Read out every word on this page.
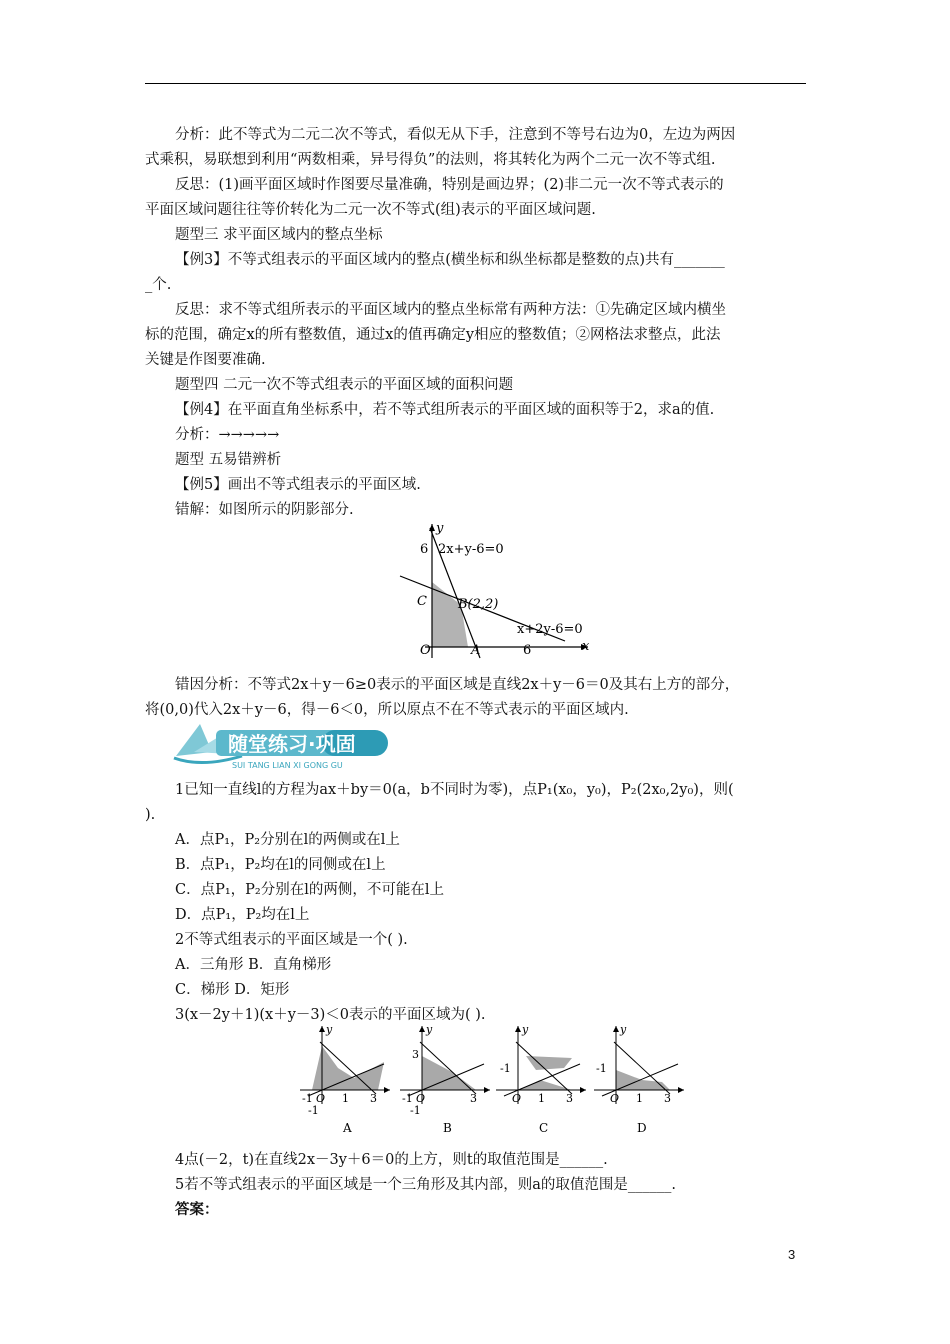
分析：此不等式为二元二次不等式，看似无从下手，注意到不等号右边为0，左边为两因
式乘积，易联想到利用“两数相乘，异号得负”的法则，将其转化为两个二元一次不等式组.
反思：(1)画平面区域时作图要尽量准确，特别是画边界；(2)非二元一次不等式表示的
平面区域问题往往等价转化为二元一次不等式(组)表示的平面区域问题.
题型三 求平面区域内的整点坐标
【例3】不等式组表示的平面区域内的整点(横坐标和纵坐标都是整数的点)共有_______
_个.
反思：求不等式组所表示的平面区域内的整点坐标常有两种方法：①先确定区域内横坐
标的范围，确定x的所有整数值，通过x的值再确定y相应的整数值；②网格法求整点，此法
关键是作图要准确.
题型四 二元一次不等式组表示的平面区域的面积问题
【例4】在平面直角坐标系中，若不等式组所表示的平面区域的面积等于2，求a的值.
分析：→→→→→
题型 五易错辨析
【例5】画出不等式组表示的平面区域.
错解：如图所示的阴影部分.
y
x
6 2x+y-6=0
C B(2,2)
x+2y-6=0
O	A	6
错因分析：不等式2x＋y－6≥0表示的平面区域是直线2x＋y－6＝0及其右上方的部分，
将(0,0)代入2x＋y－6，得－6＜0，所以原点不在不等式表示的平面区域内.
随堂练习·巩固
SUI TANG LIAN XI GONG GU
1已知一直线l的方程为ax＋by＝0(a，b不同时为零)，点P₁(x₀，y₀)，P₂(2x₀,2y₀)，则(
).
A．点P₁，P₂分别在l的两侧或在l上
B．点P₁，P₂均在l的同侧或在l上
C．点P₁，P₂分别在l的两侧，不可能在l上
D．点P₁，P₂均在l上
2不等式组表示的平面区域是一个( ).
A．三角形 B．直角梯形
C．梯形 D．矩形
3(x－2y＋1)(x＋y－3)＜0表示的平面区域为( ).
y
-1 O 1 3
-1
A
y
3
-1 O	3
-1
B
y
-1
O 1 3
C
y
-1
O 1 3
D
4点(－2，t)在直线2x－3y＋6＝0的上方，则t的取值范围是______.
5若不等式组表示的平面区域是一个三角形及其内部，则a的取值范围是______.
答案：
3
